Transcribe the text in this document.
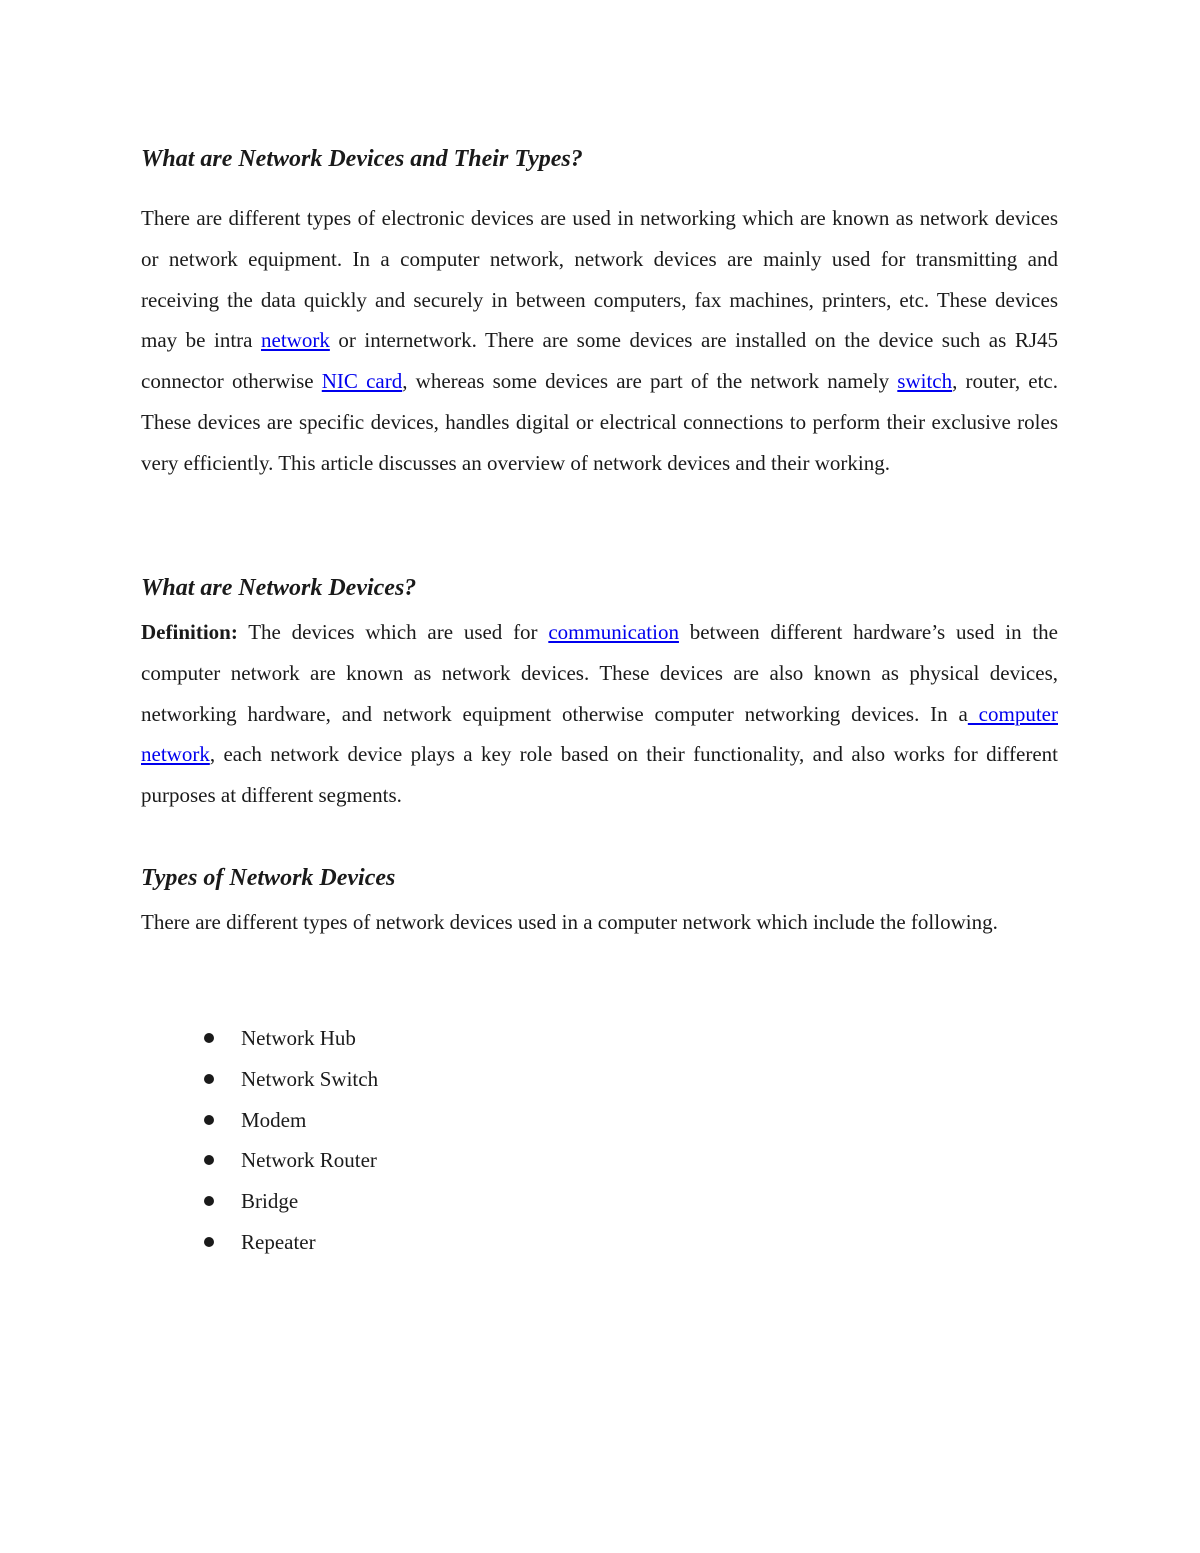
What are Network Devices and Their Types?

There are different types of electronic devices are used in networking which are known as network devices or network equipment. In a computer network, network devices are mainly used for transmitting and receiving the data quickly and securely in between computers, fax machines, printers, etc. These devices may be intra network or internetwork. There are some devices are installed on the device such as RJ45 connector otherwise NIC card, whereas some devices are part of the network namely switch, router, etc. These devices are specific devices, handles digital or electrical connections to perform their exclusive roles very efficiently. This article discusses an overview of network devices and their working.

What are Network Devices?

Definition: The devices which are used for communication between different hardware’s used in the computer network are known as network devices. These devices are also known as physical devices, networking hardware, and network equipment otherwise computer networking devices. In a computer network, each network device plays a key role based on their functionality, and also works for different purposes at different segments.

Types of Network Devices

There are different types of network devices used in a computer network which include the following.

Network Hub
Network Switch
Modem
Network Router
Bridge
Repeater
